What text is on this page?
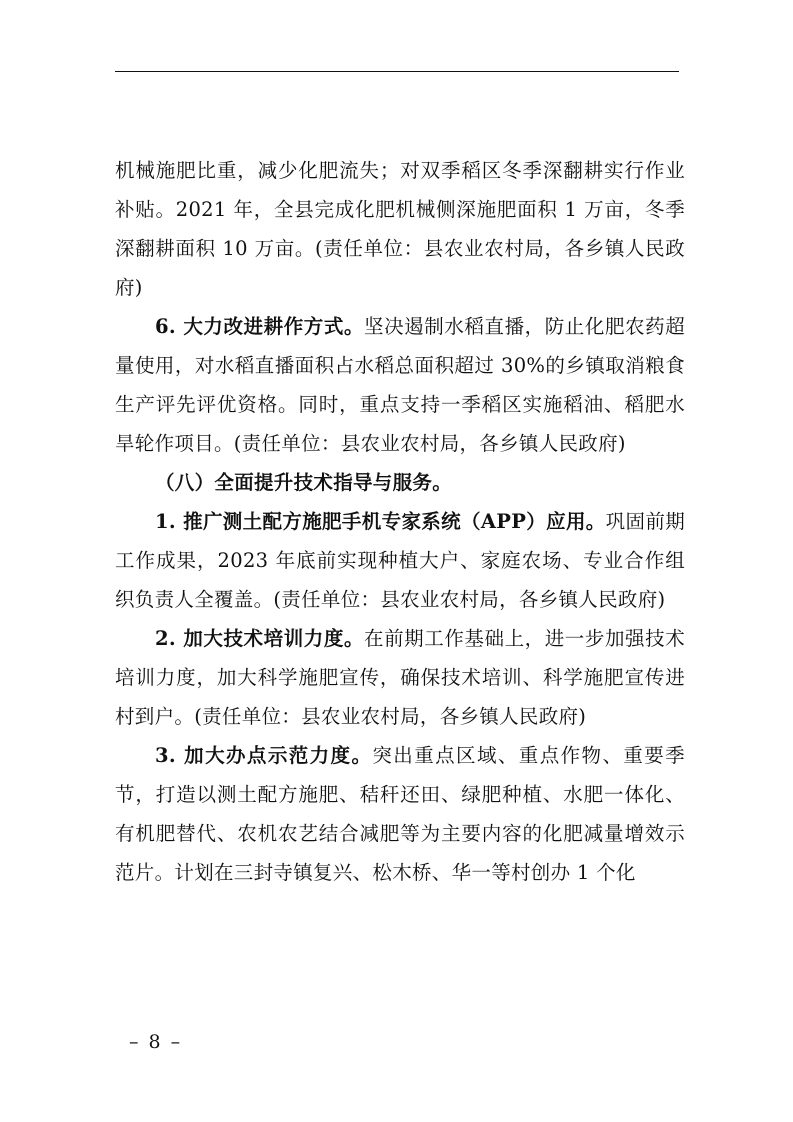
机械施肥比重，减少化肥流失；对双季稻区冬季深翻耕实行作业补贴。2021 年，全县完成化肥机械侧深施肥面积 1 万亩，冬季深翻耕面积 10 万亩。(责任单位：县农业农村局，各乡镇人民政府)

6. 大力改进耕作方式。坚决遏制水稻直播，防止化肥农药超量使用，对水稻直播面积占水稻总面积超过 30%的乡镇取消粮食生产评先评优资格。同时，重点支持一季稻区实施稻油、稻肥水旱轮作项目。(责任单位：县农业农村局，各乡镇人民政府)

（八）全面提升技术指导与服务。

1. 推广测土配方施肥手机专家系统（APP）应用。巩固前期工作成果，2023 年底前实现种植大户、家庭农场、专业合作组织负责人全覆盖。(责任单位：县农业农村局，各乡镇人民政府)

2. 加大技术培训力度。在前期工作基础上，进一步加强技术培训力度，加大科学施肥宣传，确保技术培训、科学施肥宣传进村到户。(责任单位：县农业农村局，各乡镇人民政府)

3. 加大办点示范力度。突出重点区域、重点作物、重要季节，打造以测土配方施肥、秸秆还田、绿肥种植、水肥一体化、有机肥替代、农机农艺结合减肥等为主要内容的化肥减量增效示范片。计划在三封寺镇复兴、松木桥、华一等村创办 1 个化

– 8 –
